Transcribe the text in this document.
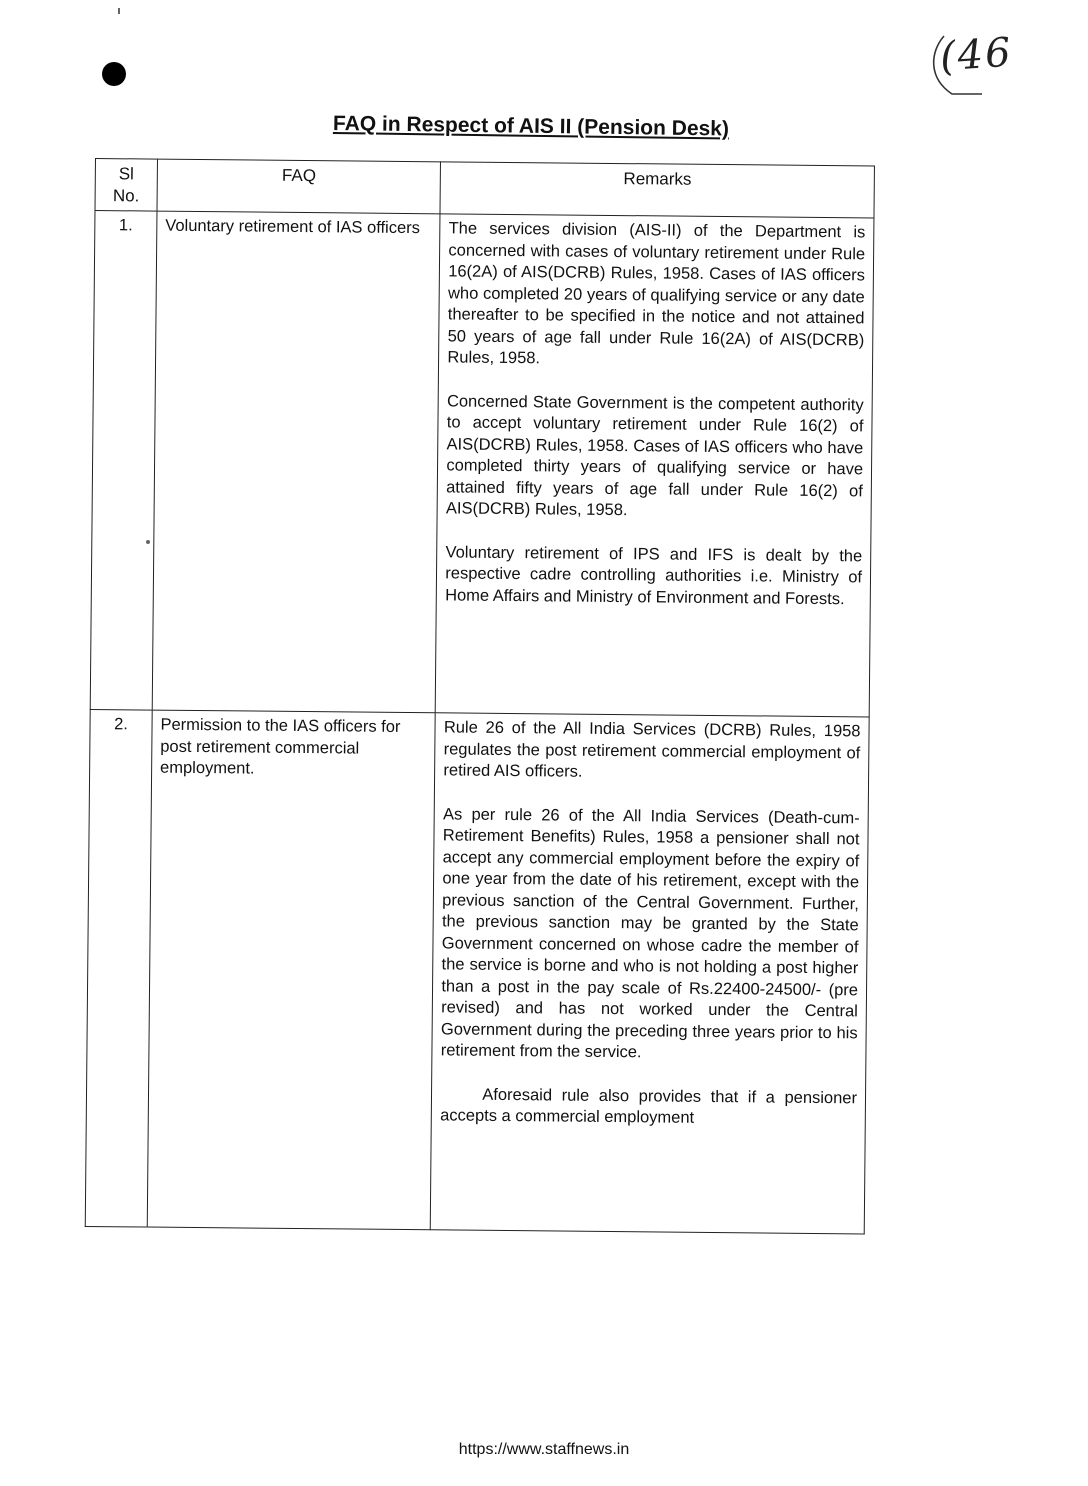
(46
FAQ in Respect of AIS II (Pension Desk)
Sl No.	FAQ	Remarks
1.	Voluntary retirement of IAS officers	The services division (AIS-II) of the Department is concerned with cases of voluntary retirement under Rule 16(2A) of AIS(DCRB) Rules, 1958. Cases of IAS officers who completed 20 years of qualifying service or any date thereafter to be specified in the notice and not attained 50 years of age fall under Rule 16(2A) of AIS(DCRB) Rules, 1958.

Concerned State Government is the competent authority to accept voluntary retirement under Rule 16(2) of AIS(DCRB) Rules, 1958. Cases of IAS officers who have completed thirty years of qualifying service or have attained fifty years of age fall under Rule 16(2) of AIS(DCRB) Rules, 1958.

Voluntary retirement of IPS and IFS is dealt by the respective cadre controlling authorities i.e. Ministry of Home Affairs and Ministry of Environment and Forests.

2.	Permission to the IAS officers for post retirement commercial employment.	Rule 26 of the All India Services (DCRB) Rules, 1958 regulates the post retirement commercial employment of retired AIS officers.

As per rule 26 of the All India Services (Death-cum-Retirement Benefits) Rules, 1958 a pensioner shall not accept any commercial employment before the expiry of one year from the date of his retirement, except with the previous sanction of the Central Government. Further, the previous sanction may be granted by the State Government concerned on whose cadre the member of the service is borne and who is not holding a post higher than a post in the pay scale of Rs.22400-24500/- (pre revised) and has not worked under the Central Government during the preceding three years prior to his retirement from the service.

Aforesaid rule also provides that if a pensioner accepts a commercial employment

https://www.staffnews.in
